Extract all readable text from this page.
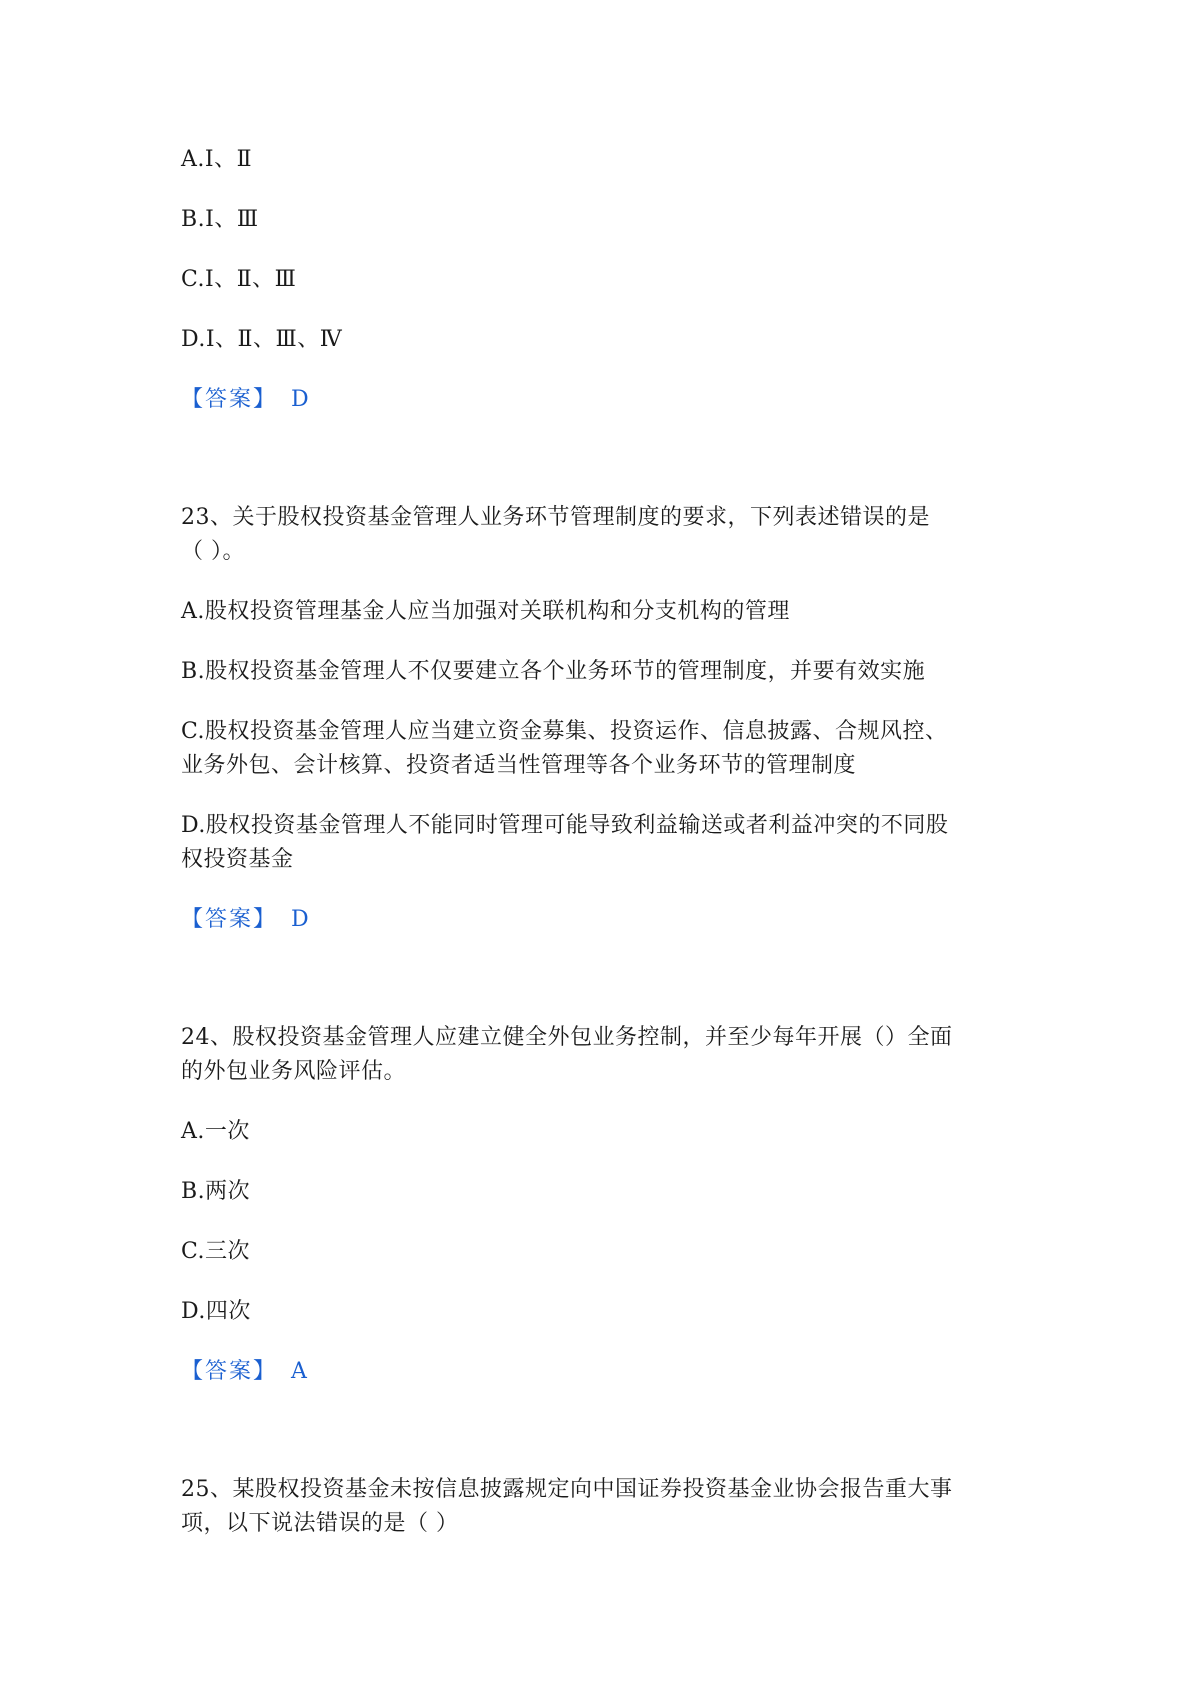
A.Ⅰ、Ⅱ
B.Ⅰ、Ⅲ
C.Ⅰ、Ⅱ、Ⅲ
D.Ⅰ、Ⅱ、Ⅲ、Ⅳ
【答案】 D
23、关于股权投资基金管理人业务环节管理制度的要求，下列表述错误的是
（ ）。
A.股权投资管理基金人应当加强对关联机构和分支机构的管理
B.股权投资基金管理人不仅要建立各个业务环节的管理制度，并要有效实施
C.股权投资基金管理人应当建立资金募集、投资运作、信息披露、合规风控、
业务外包、会计核算、投资者适当性管理等各个业务环节的管理制度
D.股权投资基金管理人不能同时管理可能导致利益输送或者利益冲突的不同股
权投资基金
【答案】 D
24、股权投资基金管理人应建立健全外包业务控制，并至少每年开展（）全面
的外包业务风险评估。
A.一次
B.两次
C.三次
D.四次
【答案】 A
25、某股权投资基金未按信息披露规定向中国证券投资基金业协会报告重大事
项，以下说法错误的是（ ）
